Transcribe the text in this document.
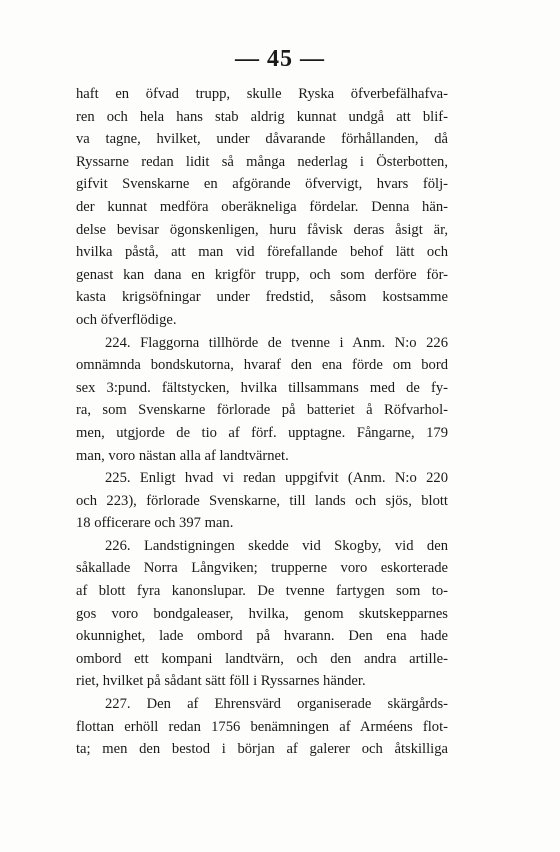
— 45 —
haft en öfvad trupp, skulle Ryska öfverbefälhafva-
ren och hela hans stab aldrig kunnat undgå att blif-
va tagne, hvilket, under dåvarande förhållanden, då
Ryssarne redan lidit så många nederlag i Österbotten,
gifvit Svenskarne en afgörande öfvervigt, hvars följ-
der kunnat medföra oberäkneliga fördelar. Denna hän-
delse bevisar ögonskenligen, huru fåvisk deras åsigt är,
hvilka påstå, att man vid förefallande behof lätt och
genast kan dana en krigför trupp, och som derföre för-
kasta krigsöfningar under fredstid, såsom kostsamme
och öfverflödige.
224. Flaggorna tillhörde de tvenne i Anm. N:o 226
omnämnda bondskutorna, hvaraf den ena förde om bord
sex 3:pund. fältstycken, hvilka tillsammans med de fy-
ra, som Svenskarne förlorade på batteriet å Röfvarhol-
men, utgjorde de tio af förf. upptagne. Fångarne, 179
man, voro nästan alla af landtvärnet.
225. Enligt hvad vi redan uppgifvit (Anm. N:o 220
och 223), förlorade Svenskarne, till lands och sjös, blott
18 officerare och 397 man.
226. Landstigningen skedde vid Skogby, vid den
såkallade Norra Långviken; trupperne voro eskorterade
af blott fyra kanonslupar. De tvenne fartygen som to-
gos voro bondgaleaser, hvilka, genom skutskepparnes
okunnighet, lade ombord på hvarann. Den ena hade
ombord ett kompani landtvärn, och den andra artille-
riet, hvilket på sådant sätt föll i Ryssarnes händer.
227. Den af Ehrensvärd organiserade skärgårds-
flottan erhöll redan 1756 benämningen af Arméens flot-
ta; men den bestod i början af galerer och åtskilliga
